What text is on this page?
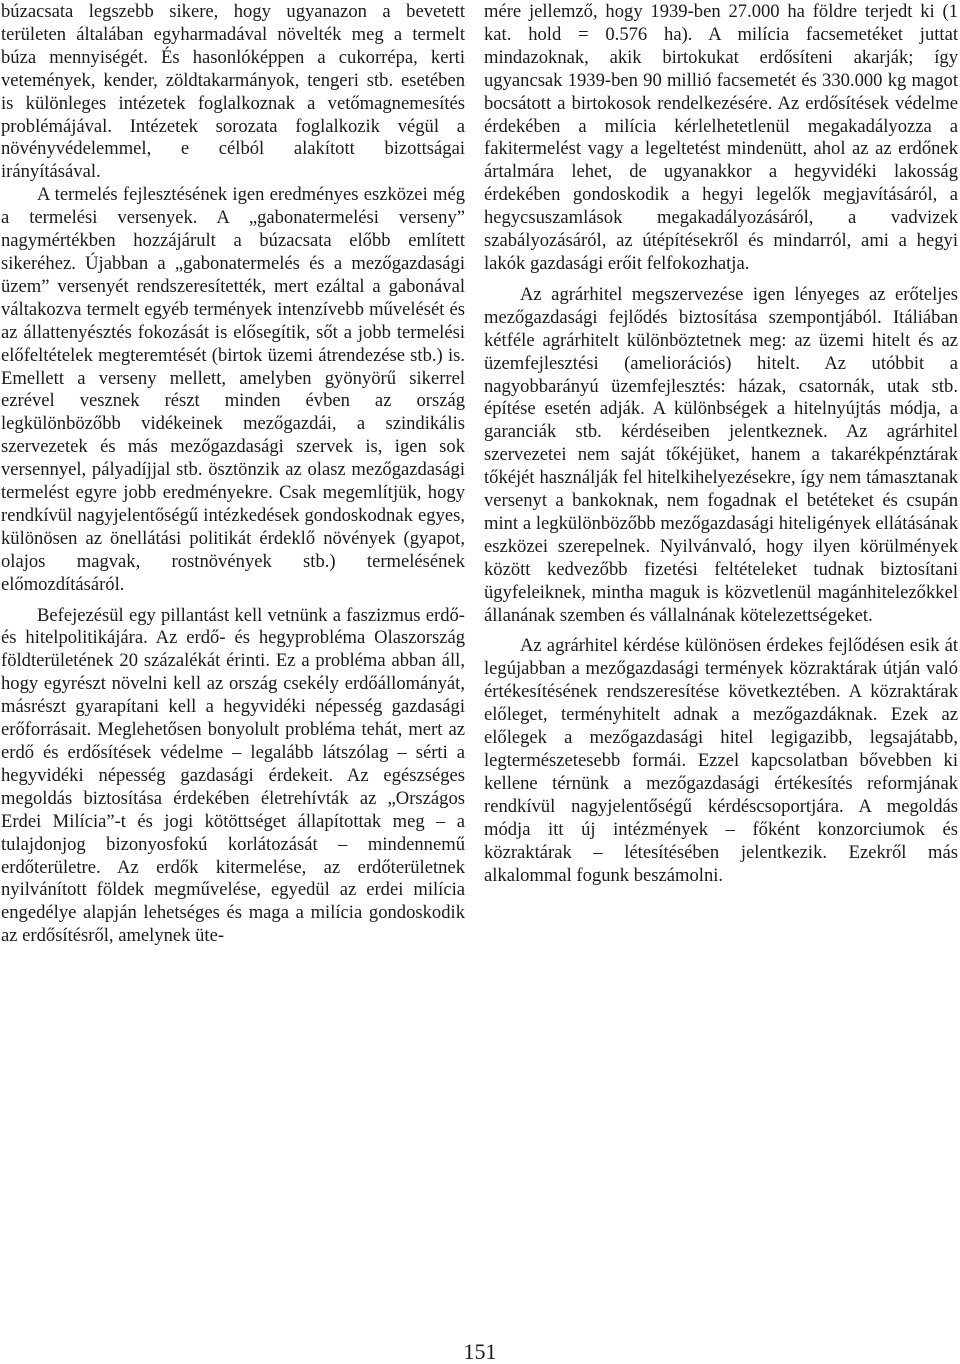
búzacsata legszebb sikere, hogy ugyanazon a bevetett területen általában egyharmadával növelték meg a termelt búza mennyiségét. És hasonlóképpen a cukorrépa, kerti vetemények, kender, zöldtakarmányok, tengeri stb. esetében is különleges intézetek foglalkoznak a vetőmagnemesítés problémájával. Intézetek sorozata foglalkozik végül a növényvédelemmel, e célból alakított bizottságai irányításával.

A termelés fejlesztésének igen eredményes eszközei még a termelési versenyek. A „gabonatermelési verseny” nagymértékben hozzájárult a búzacsata előbb említett sikeréhez. Újabban a „gabonatermelés és a mezőgazdasági üzem” versenyét rendszeresítették, mert ezáltal a gabonával váltakozva termelt egyéb termények intenzívebb művelését és az állattenyésztés fokozását is elősegítik, sőt a jobb termelési előfeltételek megteremtését (birtok üzemi átrendezése stb.) is. Emellett a verseny mellett, amelyben gyönyörű sikerrel ezrével vesznek részt minden évben az ország legkülönbözőbb vidékeinek mezőgazdái, a szindikális szervezetek és más mezőgazdasági szervek is, igen sok versennyel, pályadíjjal stb. ösztönzik az olasz mezőgazdasági termelést egyre jobb eredményekre. Csak megemlítjük, hogy rendkívül nagyjelentőségű intézkedések gondoskodnak egyes, különösen az önellátási politikát érdeklő növények (gyapot, olajos magvak, rostnövények stb.) termelésének előmozdításáról.

Befejezésül egy pillantást kell vetnünk a faszizmus erdő- és hitelpolitikájára. Az erdő- és hegyprobléma Olaszország földterületének 20 százalékát érinti. Ez a probléma abban áll, hogy egyrészt növelni kell az ország csekély erdőállományát, másrészt gyarapítani kell a hegyvidéki népesség gazdasági erőforrásait. Meglehetősen bonyolult probléma tehát, mert az erdő és erdősítések védelme – legalább látszólag – sérti a hegyvidéki népesség gazdasági érdekeit. Az egészséges megoldás biztosítása érdekében életrehívták az „Országos Erdei Milícia”-t és jogi kötöttséget állapítottak meg – a tulajdonjog bizonyosfokú korlátozását – mindennemű erdőterületre. Az erdők kitermelése, az erdőterületnek nyilvánított földek megművelése, egyedül az erdei milícia engedélye alapján lehetséges és maga a milícia gondoskodik az erdősítésről, amelynek üte-

mére jellemző, hogy 1939-ben 27.000 ha földre terjedt ki (1 kat. hold = 0.576 ha). A milícia facsemetéket juttat mindazoknak, akik birtokukat erdősíteni akarják; így ugyancsak 1939-ben 90 millió facsemetét és 330.000 kg magot bocsátott a birtokosok rendelkezésére. Az erdősítések védelme érdekében a milícia kérlelhetetlenül megakadályozza a fakitermelést vagy a legeltetést mindenütt, ahol az az erdőnek ártalmára lehet, de ugyanakkor a hegyvidéki lakosság érdekében gondoskodik a hegyi legelők megjavításáról, a hegycsuszamlások megakadályozásáról, a vadvizek szabályozásáról, az útépítésekről és mindarról, ami a hegyi lakók gazdasági erőit felfokozhatja.

Az agrárhitel megszervezése igen lényeges az erőteljes mezőgazdasági fejlődés biztosítása szempontjából. Itáliában kétféle agrárhitelt különböztetnek meg: az üzemi hitelt és az üzemfejlesztési (ameliorációs) hitelt. Az utóbbit a nagyobbarányú üzemfejlesztés: házak, csatornák, utak stb. építése esetén adják. A különbségek a hitelnyújtás módja, a garanciák stb. kérdéseiben jelentkeznek. Az agrárhitel szervezetei nem saját tőkéjüket, hanem a takarékpénztárak tőkéjét használják fel hitelkihelyezésekre, így nem támasztanak versenyt a bankoknak, nem fogadnak el betéteket és csupán mint a legkülönbözőbb mezőgazdasági hiteligények ellátásának eszközei szerepelnek. Nyilvánvaló, hogy ilyen körülmények között kedvezőbb fizetési feltételeket tudnak biztosítani ügyfeleiknek, mintha maguk is közvetlenül magánhitelezőkkel állanának szemben és vállalnának kötelezettségeket.

Az agrárhitel kérdése különösen érdekes fejlődésen esik át legújabban a mezőgazdasági termények közraktárak útján való értékesítésének rendszeresítése következtében. A közraktárak előleget, terményhitelt adnak a mezőgazdáknak. Ezek az előlegek a mezőgazdasági hitel legigazibb, legsajátabb, legtermészetesebb formái. Ezzel kapcsolatban bővebben ki kellene térnünk a mezőgazdasági értékesítés reformjának rendkívül nagyjelentőségű kérdéscsoportjára. A megoldás módja itt új intézmények – főként konzorciumok és közraktárak – létesítésében jelentkezik. Ezekről más alkalommal fogunk beszámolni.

151
